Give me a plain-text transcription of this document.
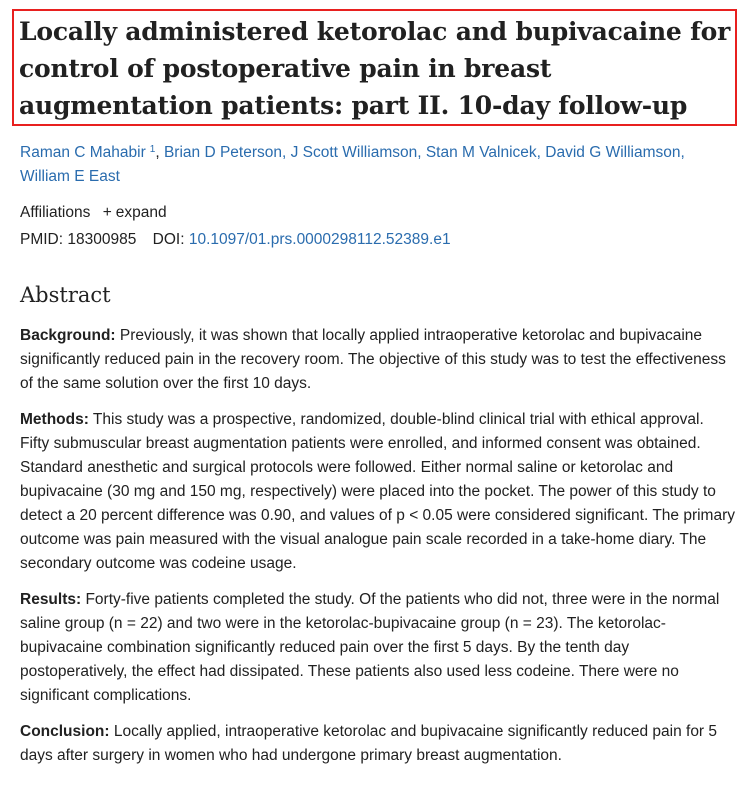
Locally administered ketorolac and bupivacaine for control of postoperative pain in breast augmentation patients: part II. 10-day follow-up
Raman C Mahabir $^1$, Brian D Peterson, J Scott Williamson, Stan M Valnicek, David G Williamson,
William E East
Affiliations + expand
PMID: 18300985 DOI: 10.1097/01.prs.0000298112.52389.e1
Abstract

Background: Previously, it was shown that locally applied intraoperative ketorolac and bupivacaine significantly reduced pain in the recovery room. The objective of this study was to test the effectiveness of the same solution over the first 10 days.

Methods: This study was a prospective, randomized, double-blind clinical trial with ethical approval. Fifty submuscular breast augmentation patients were enrolled, and informed consent was obtained. Standard anesthetic and surgical protocols were followed. Either normal saline or ketorolac and bupivacaine (30 mg and 150 mg, respectively) were placed into the pocket. The power of this study to detect a 20 percent difference was 0.90, and values of p < 0.05 were considered significant. The primary outcome was pain measured with the visual analogue pain scale recorded in a take-home diary. The secondary outcome was codeine usage.

Results: Forty-five patients completed the study. Of the patients who did not, three were in the normal saline group (n = 22) and two were in the ketorolac-bupivacaine group (n = 23). The ketorolac-bupivacaine combination significantly reduced pain over the first 5 days. By the tenth day postoperatively, the effect had dissipated. These patients also used less codeine. There were no significant complications.

Conclusion: Locally applied, intraoperative ketorolac and bupivacaine significantly reduced pain for 5 days after surgery in women who had undergone primary breast augmentation.
